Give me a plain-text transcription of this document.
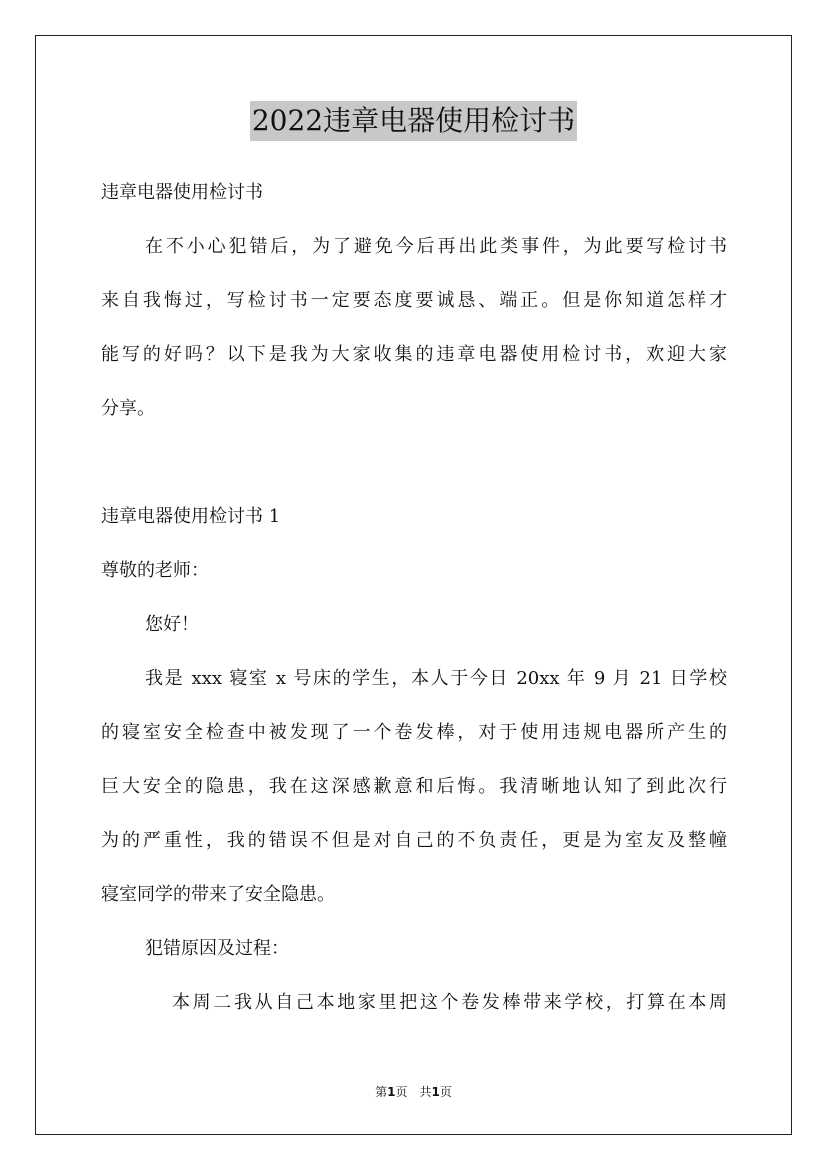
2022违章电器使用检讨书
违章电器使用检讨书
在不小心犯错后，为了避免今后再出此类事件，为此要写检讨书
来自我悔过，写检讨书一定要态度要诚恳、端正。但是你知道怎样才
能写的好吗？以下是我为大家收集的违章电器使用检讨书，欢迎大家
分享。
违章电器使用检讨书 1
尊敬的老师：
您好！
我是 xxx 寝室 x 号床的学生，本人于今日 20xx 年 9 月 21 日学校
的寝室安全检查中被发现了一个卷发棒，对于使用违规电器所产生的
巨大安全的隐患，我在这深感歉意和后悔。我清晰地认知了到此次行
为的严重性，我的错误不但是对自己的不负责任，更是为室友及整幢
寝室同学的带来了安全隐患。
犯错原因及过程：
本周二我从自己本地家里把这个卷发棒带来学校，打算在本周
第1页　共1页
